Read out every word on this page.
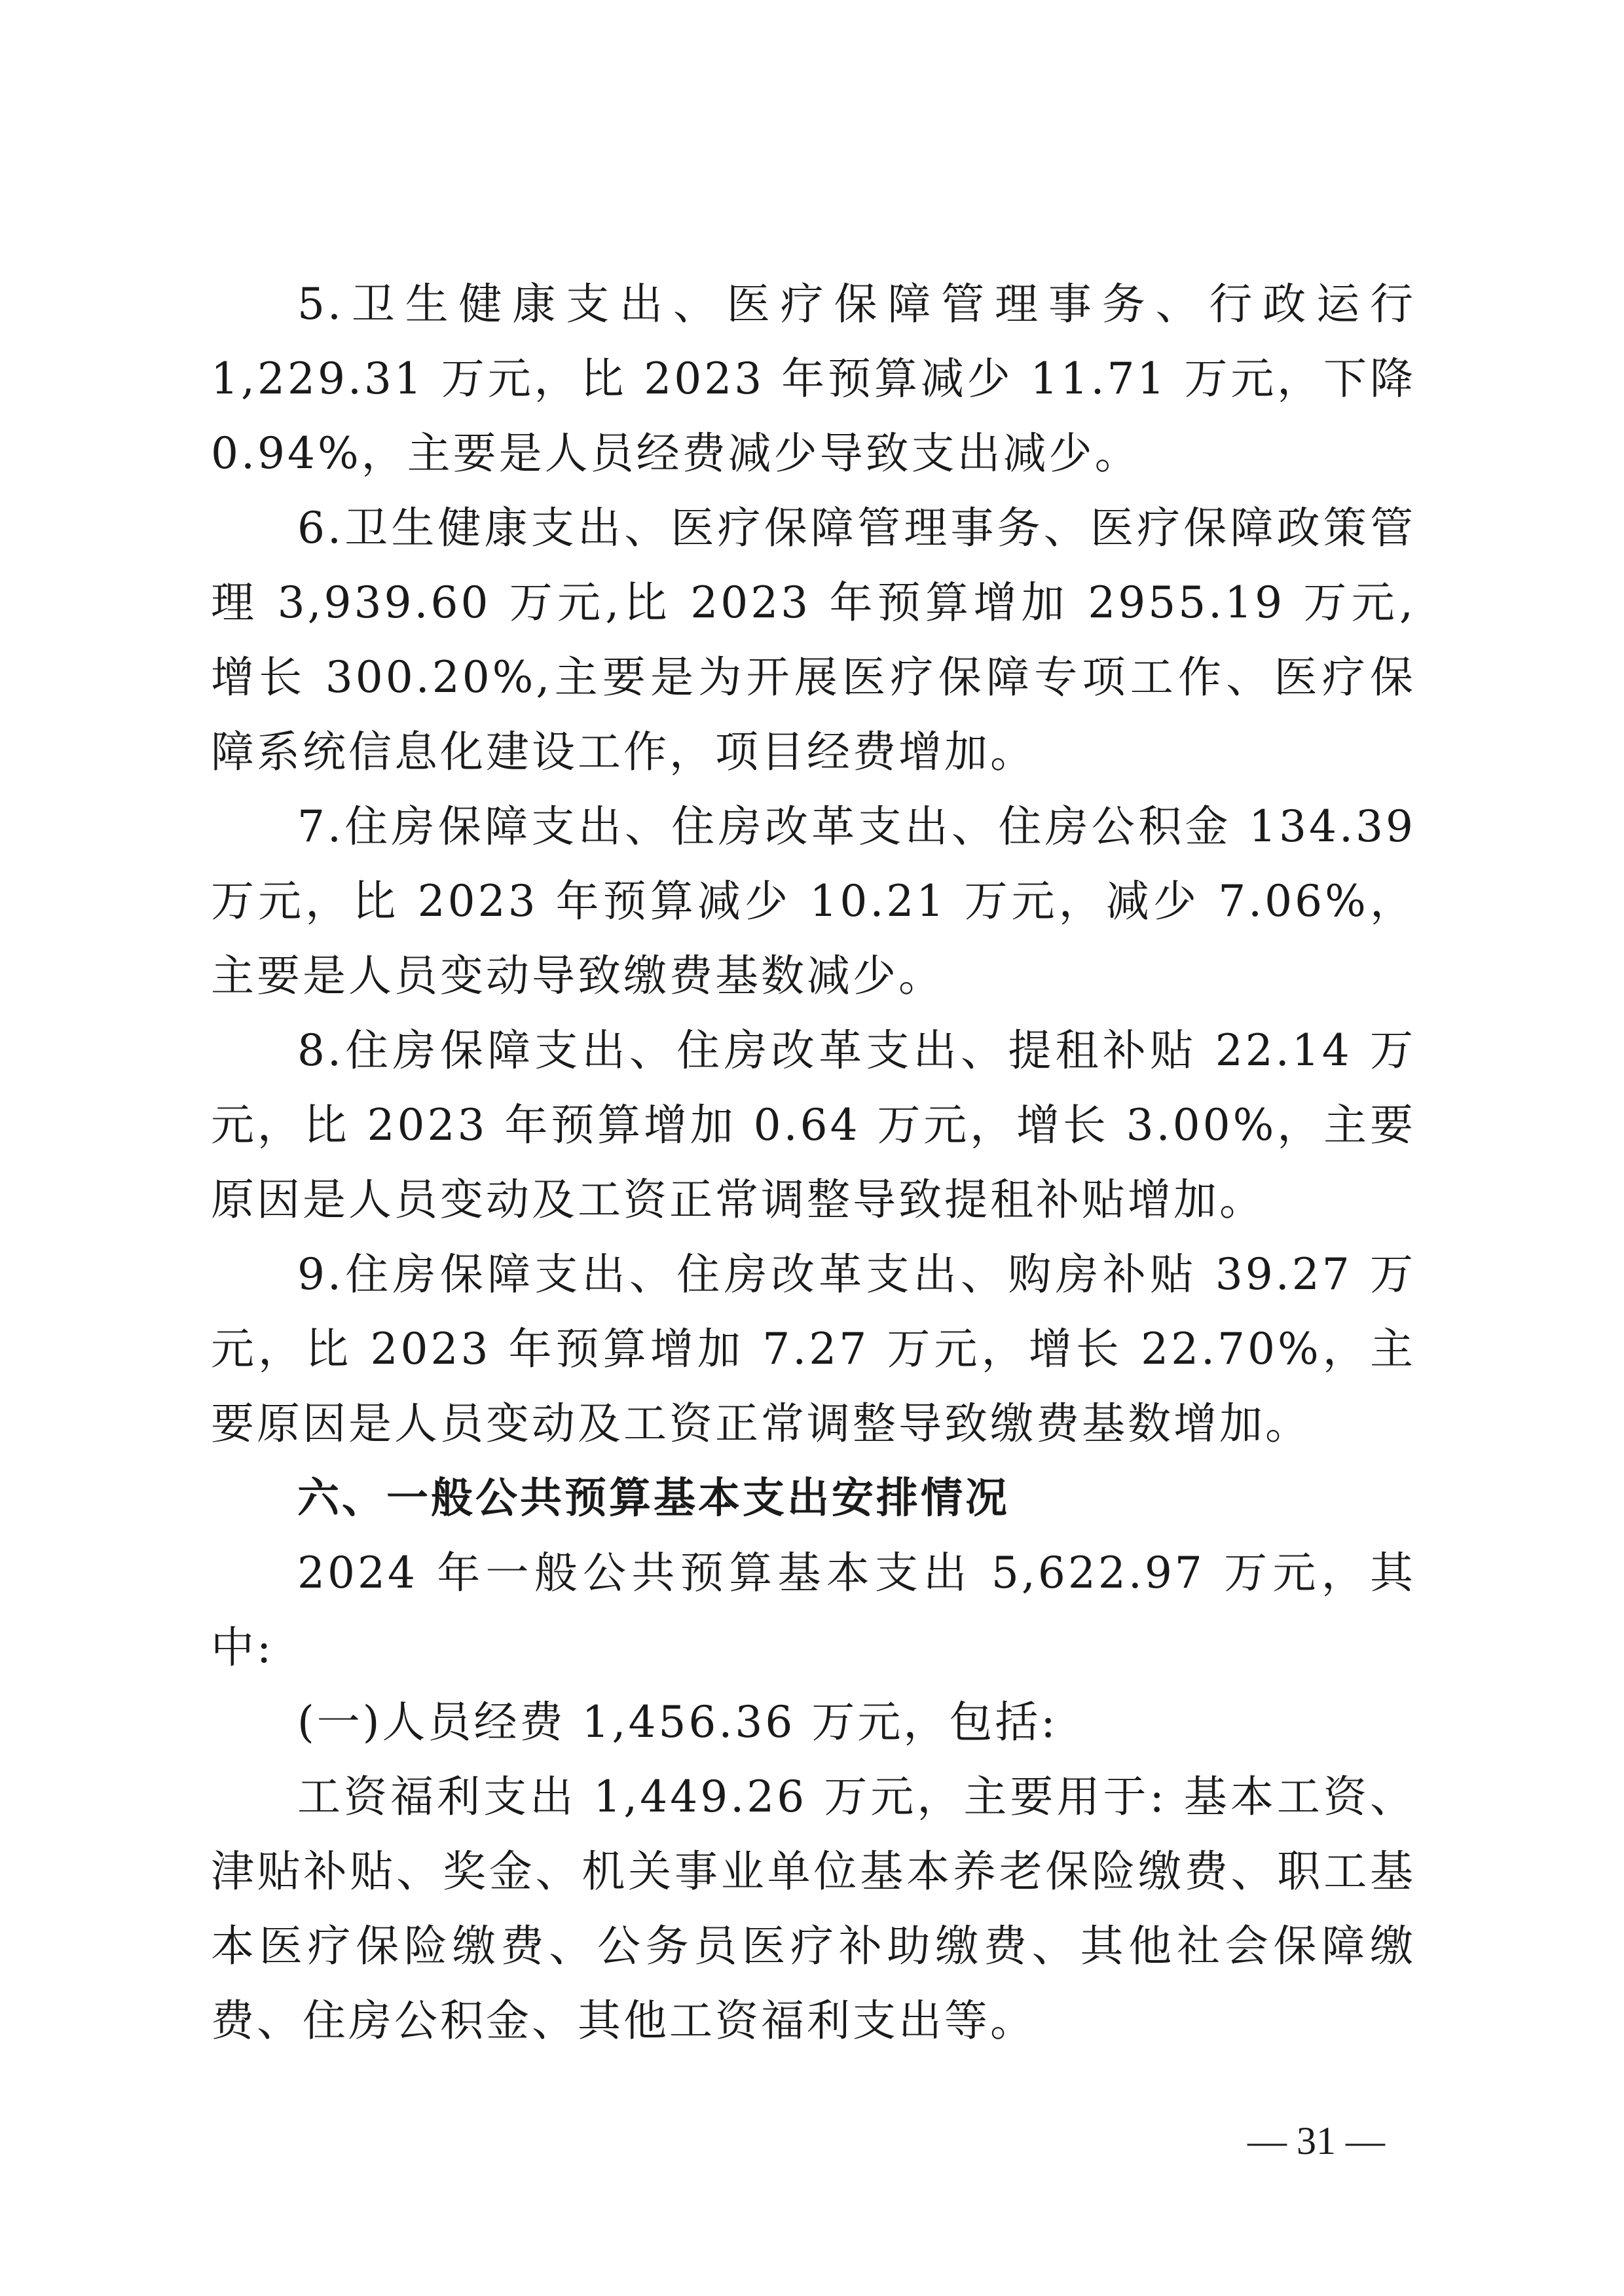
5.卫生健康支出、医疗保障管理事务、行政运行 1,229.31 万元，比 2023 年预算减少 11.71 万元，下降 0.94%，主要是人员经费减少导致支出减少。

6.卫生健康支出、医疗保障管理事务、医疗保障政策管理 3,939.60 万元,比 2023 年预算增加 2955.19 万元,增长 300.20%,主要是为开展医疗保障专项工作、医疗保障系统信息化建设工作，项目经费增加。

7.住房保障支出、住房改革支出、住房公积金 134.39 万元，比 2023 年预算减少 10.21 万元，减少 7.06%，主要是人员变动导致缴费基数减少。

8.住房保障支出、住房改革支出、提租补贴 22.14 万元，比 2023 年预算增加 0.64 万元，增长 3.00%，主要原因是人员变动及工资正常调整导致提租补贴增加。

9.住房保障支出、住房改革支出、购房补贴 39.27 万元，比 2023 年预算增加 7.27 万元，增长 22.70%，主要原因是人员变动及工资正常调整导致缴费基数增加。

六、一般公共预算基本支出安排情况

2024 年一般公共预算基本支出 5,622.97 万元，其中:

(一)人员经费 1,456.36 万元，包括:

工资福利支出 1,449.26 万元，主要用于: 基本工资、津贴补贴、奖金、机关事业单位基本养老保险缴费、职工基本医疗保险缴费、公务员医疗补助缴费、其他社会保障缴费、住房公积金、其他工资福利支出等。

— 31 —
